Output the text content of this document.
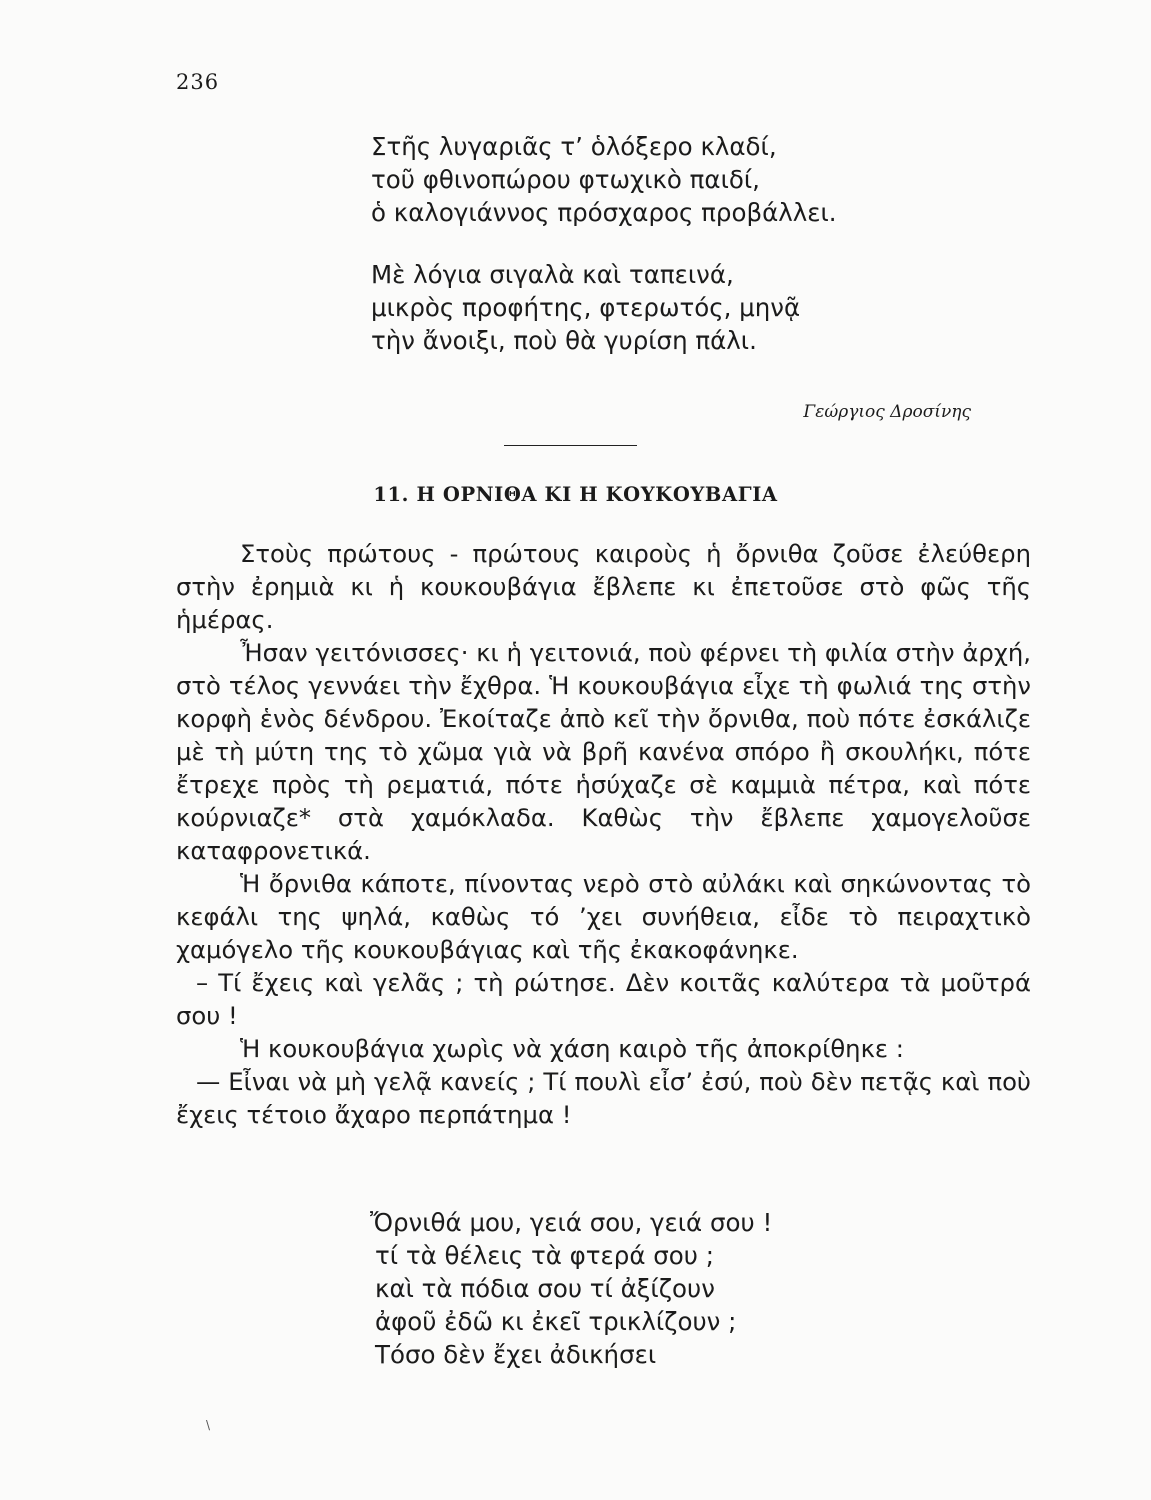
236
Στῆς λυγαριᾶς τ’ ὁλόξερο κλαδί,
τοῦ φθινοπώρου φτωχικὸ παιδί,
ὁ καλογιάννος πρόσχαρος προβάλλει.
Μὲ λόγια σιγαλὰ καὶ ταπεινά,
μικρὸς προφήτης, φτερωτός, μηνᾷ
τὴν ἄνοιξι, ποὺ θὰ γυρίση πάλι.
Γεώργιος Δροσίνης
11. Η ΟΡΝΙΘΑ ΚΙ Η ΚΟΥΚΟΥΒΑΓΙΑ

Στοὺς πρώτους - πρώτους καιροὺς ἡ ὄρνιθα ζοῦσε ἐλεύθερη στὴν ἐρημιὰ κι ἡ κουκουβάγια ἔβλεπε κι ἐπετοῦσε στὸ φῶς τῆς ἡμέρας.

Ἦσαν γειτόνισσες· κι ἡ γειτονιά, ποὺ φέρνει τὴ φιλία στὴν ἀρχή, στὸ τέλος γεννάει τὴν ἔχθρα. Ἡ κουκουβάγια εἶχε τὴ φωλιά της στὴν κορφὴ ἑνὸς δένδρου. Ἐκοίταζε ἀπὸ κεῖ τὴν ὄρνιθα, ποὺ πότε ἐσκάλιζε μὲ τὴ μύτη της τὸ χῶμα γιὰ νὰ βρῆ κανένα σπόρο ἢ σκουλήκι, πότε ἔτρεχε πρὸς τὴ ρεματιά, πότε ἡσύχαζε σὲ καμμιὰ πέτρα, καὶ πότε κούρνιαζε* στὰ χαμόκλαδα. Καθὼς τὴν ἔβλεπε χαμογελοῦσε καταφρονετικά.

Ἡ ὄρνιθα κάποτε, πίνοντας νερὸ στὸ αὐλάκι καὶ σηκώνοντας τὸ κεφάλι της ψηλά, καθὼς τό ’χει συνήθεια, εἶδε τὸ πειραχτικὸ χαμόγελο τῆς κουκουβάγιας καὶ τῆς ἐκακοφάνηκε.

– Τί ἔχεις καὶ γελᾶς ; τὴ ρώτησε. Δὲν κοιτᾶς καλύτερα τὰ μοῦτρά σου !

Ἡ κουκουβάγια χωρὶς νὰ χάση καιρὸ τῆς ἀποκρίθηκε :

— Εἶναι νὰ μὴ γελᾷ κανείς ; Τί πουλὶ εἶσ’ ἐσύ, ποὺ δὲν πετᾷς καὶ ποὺ ἔχεις τέτοιο ἄχαρο περπάτημα !

Ὄρνιθά μου, γειά σου, γειά σου !
τί τὰ θέλεις τὰ φτερά σου ;
καὶ τὰ πόδια σου τί ἀξίζουν
ἀφοῦ ἐδῶ κι ἐκεῖ τρικλίζουν ;
Τόσο δὲν ἔχει ἀδικήσει
\
